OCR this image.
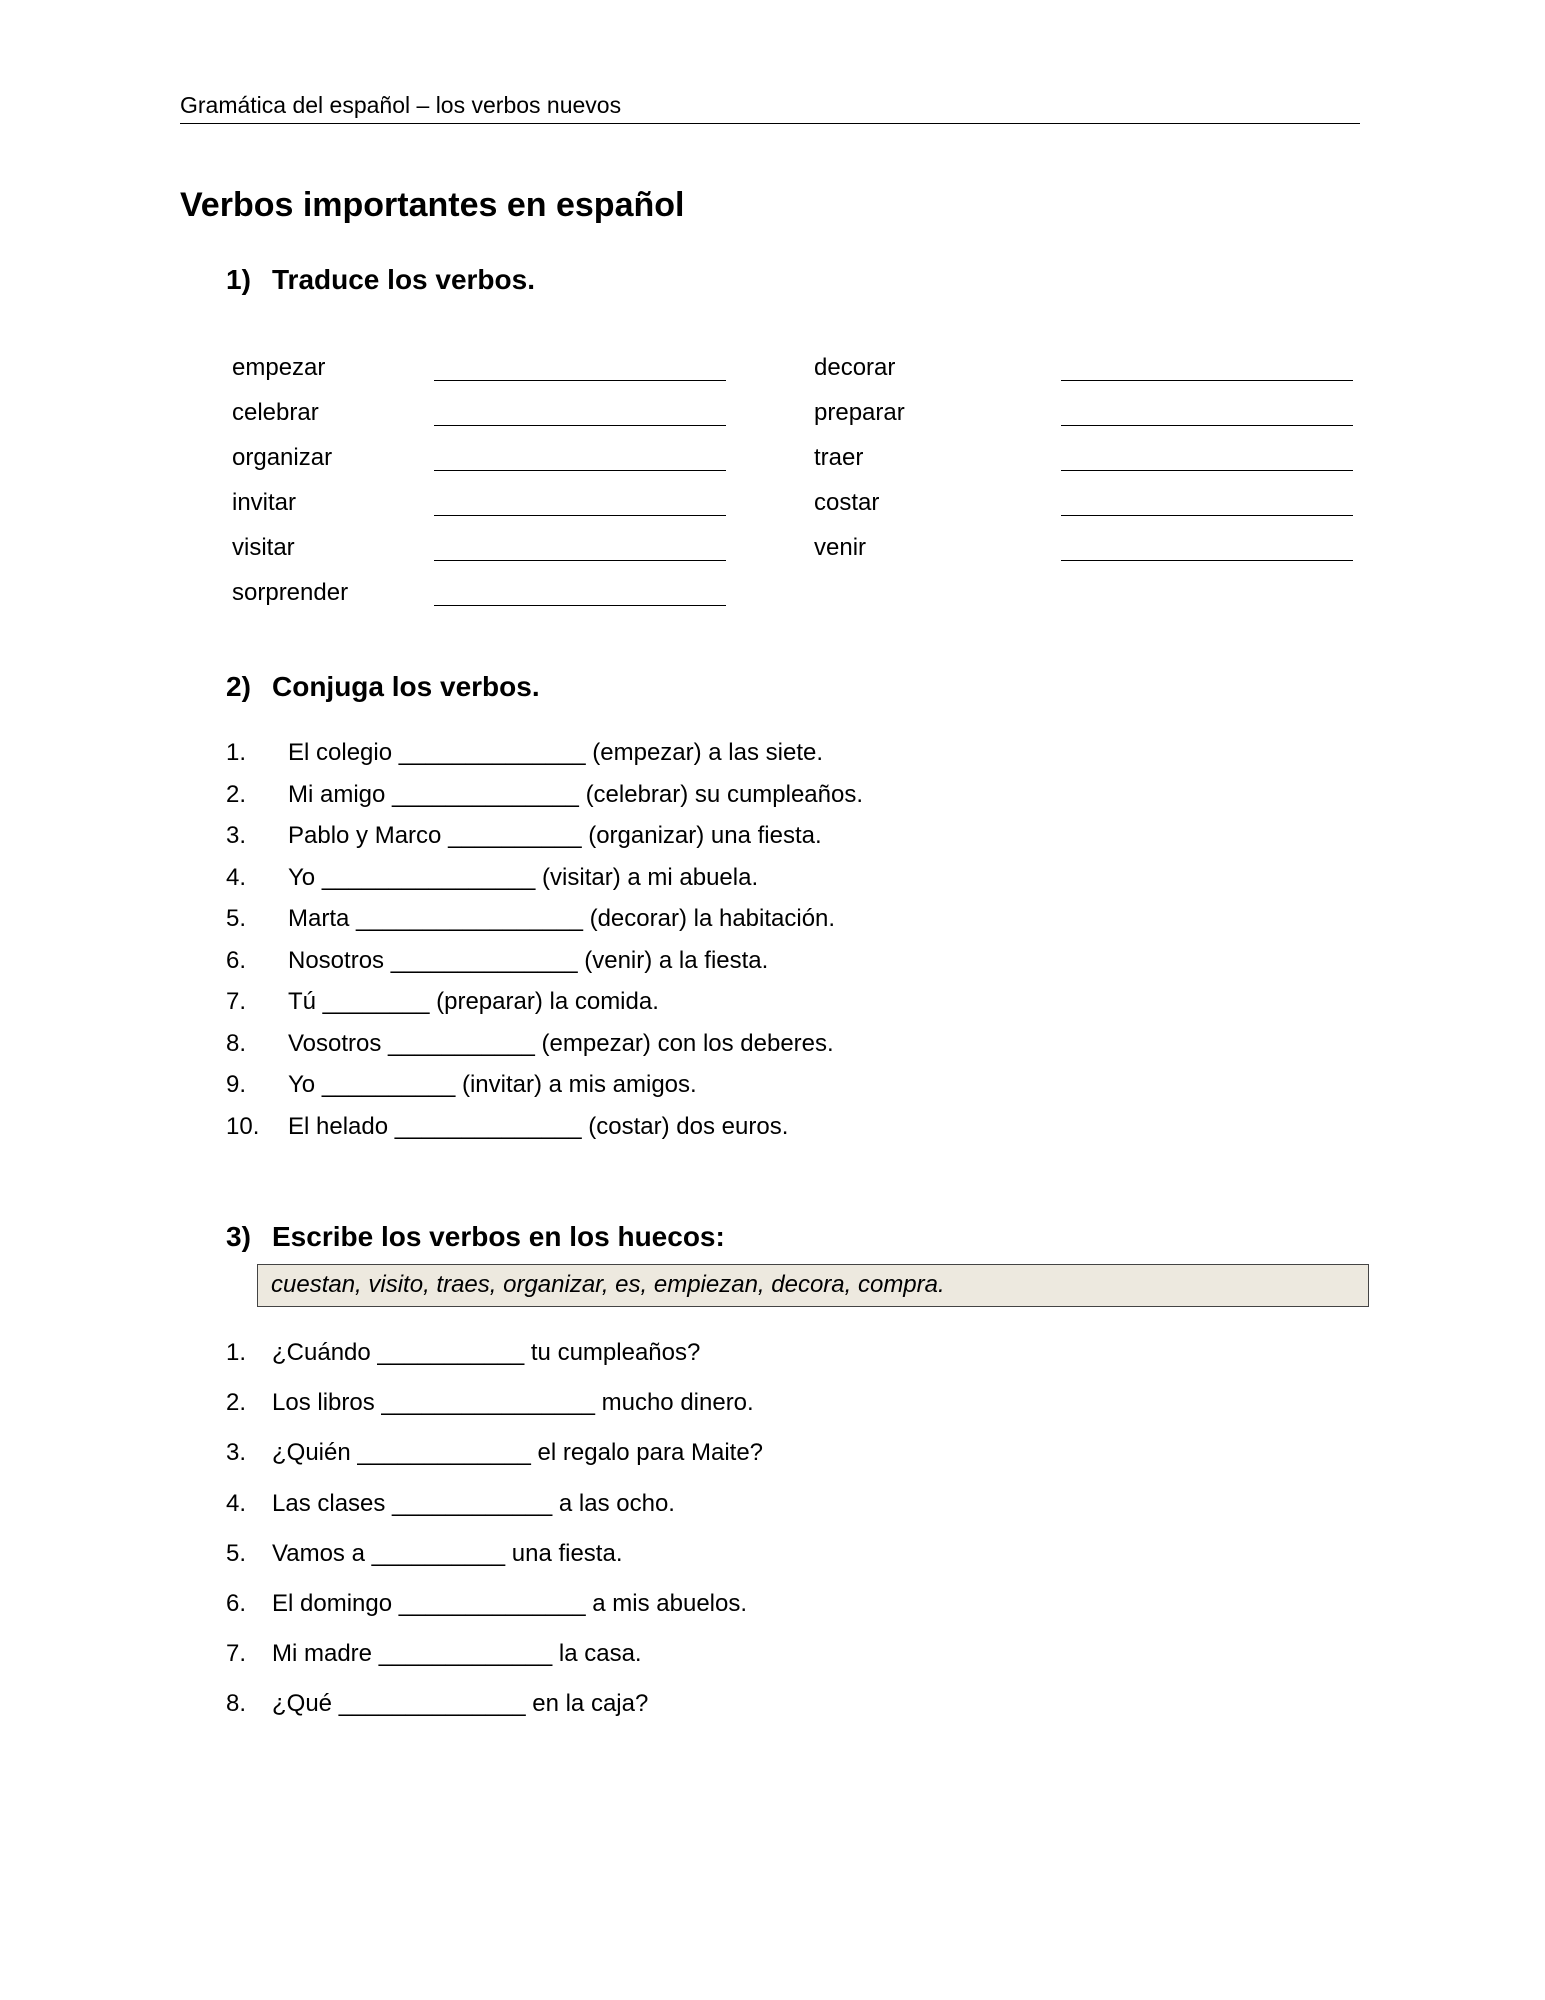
Gramática del español – los verbos nuevos
Verbos importantes en español
1) Traduce los verbos.
empezar
celebrar
organizar
invitar
visitar
sorprender
decorar
preparar
traer
costar
venir
2) Conjuga los verbos.
1. El colegio ______________ (empezar) a las siete.
2. Mi amigo ______________ (celebrar) su cumpleaños.
3. Pablo y Marco __________ (organizar) una fiesta.
4. Yo ________________ (visitar) a mi abuela.
5. Marta _________________ (decorar) la habitación.
6. Nosotros ______________ (venir) a la fiesta.
7. Tú ________ (preparar) la comida.
8. Vosotros ___________ (empezar) con los deberes.
9. Yo __________ (invitar) a mis amigos.
10. El helado ______________ (costar) dos euros.
3) Escribe los verbos en los huecos:
cuestan, visito, traes, organizar, es, empiezan, decora, compra.
1. ¿Cuándo ___________ tu cumpleaños?
2. Los libros ________________ mucho dinero.
3. ¿Quién _____________ el regalo para Maite?
4. Las clases ____________ a las ocho.
5. Vamos a __________ una fiesta.
6. El domingo ______________ a mis abuelos.
7. Mi madre _____________ la casa.
8. ¿Qué ______________ en la caja?
